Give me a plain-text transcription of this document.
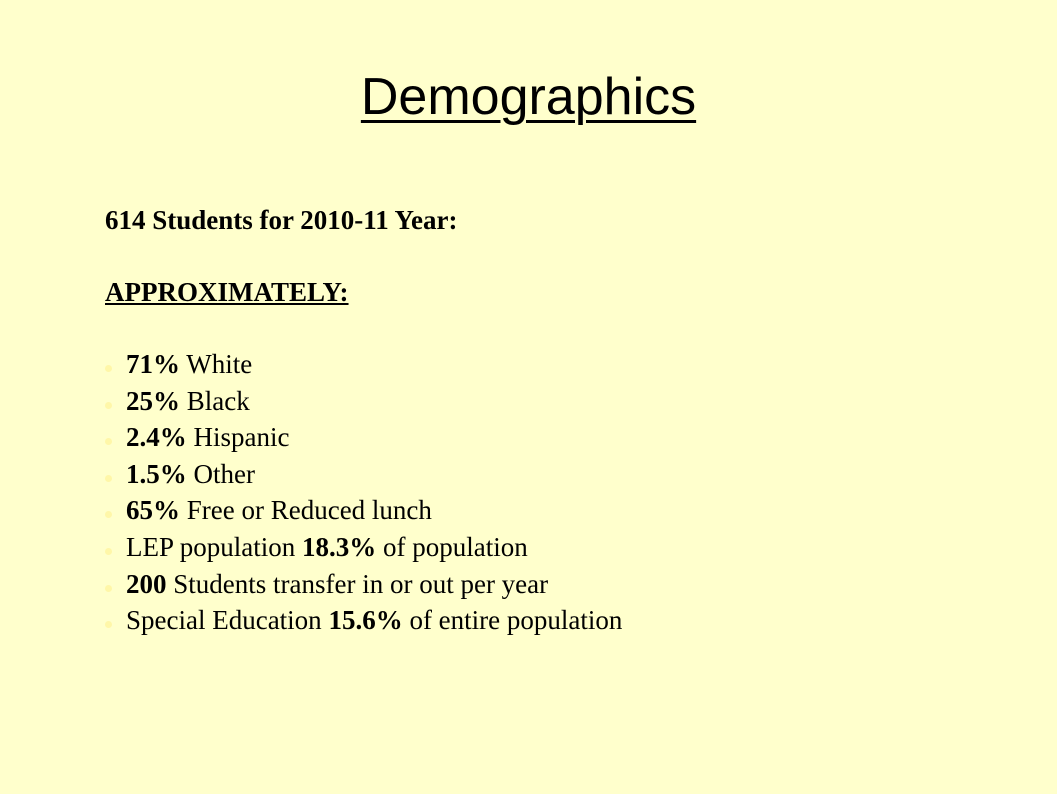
Demographics

614 Students for 2010-11 Year:

APPROXIMATELY:

71% White
25% Black
2.4% Hispanic
1.5% Other
65% Free or Reduced lunch
LEP population 18.3% of population
200 Students transfer in or out per year
Special Education 15.6% of entire population
